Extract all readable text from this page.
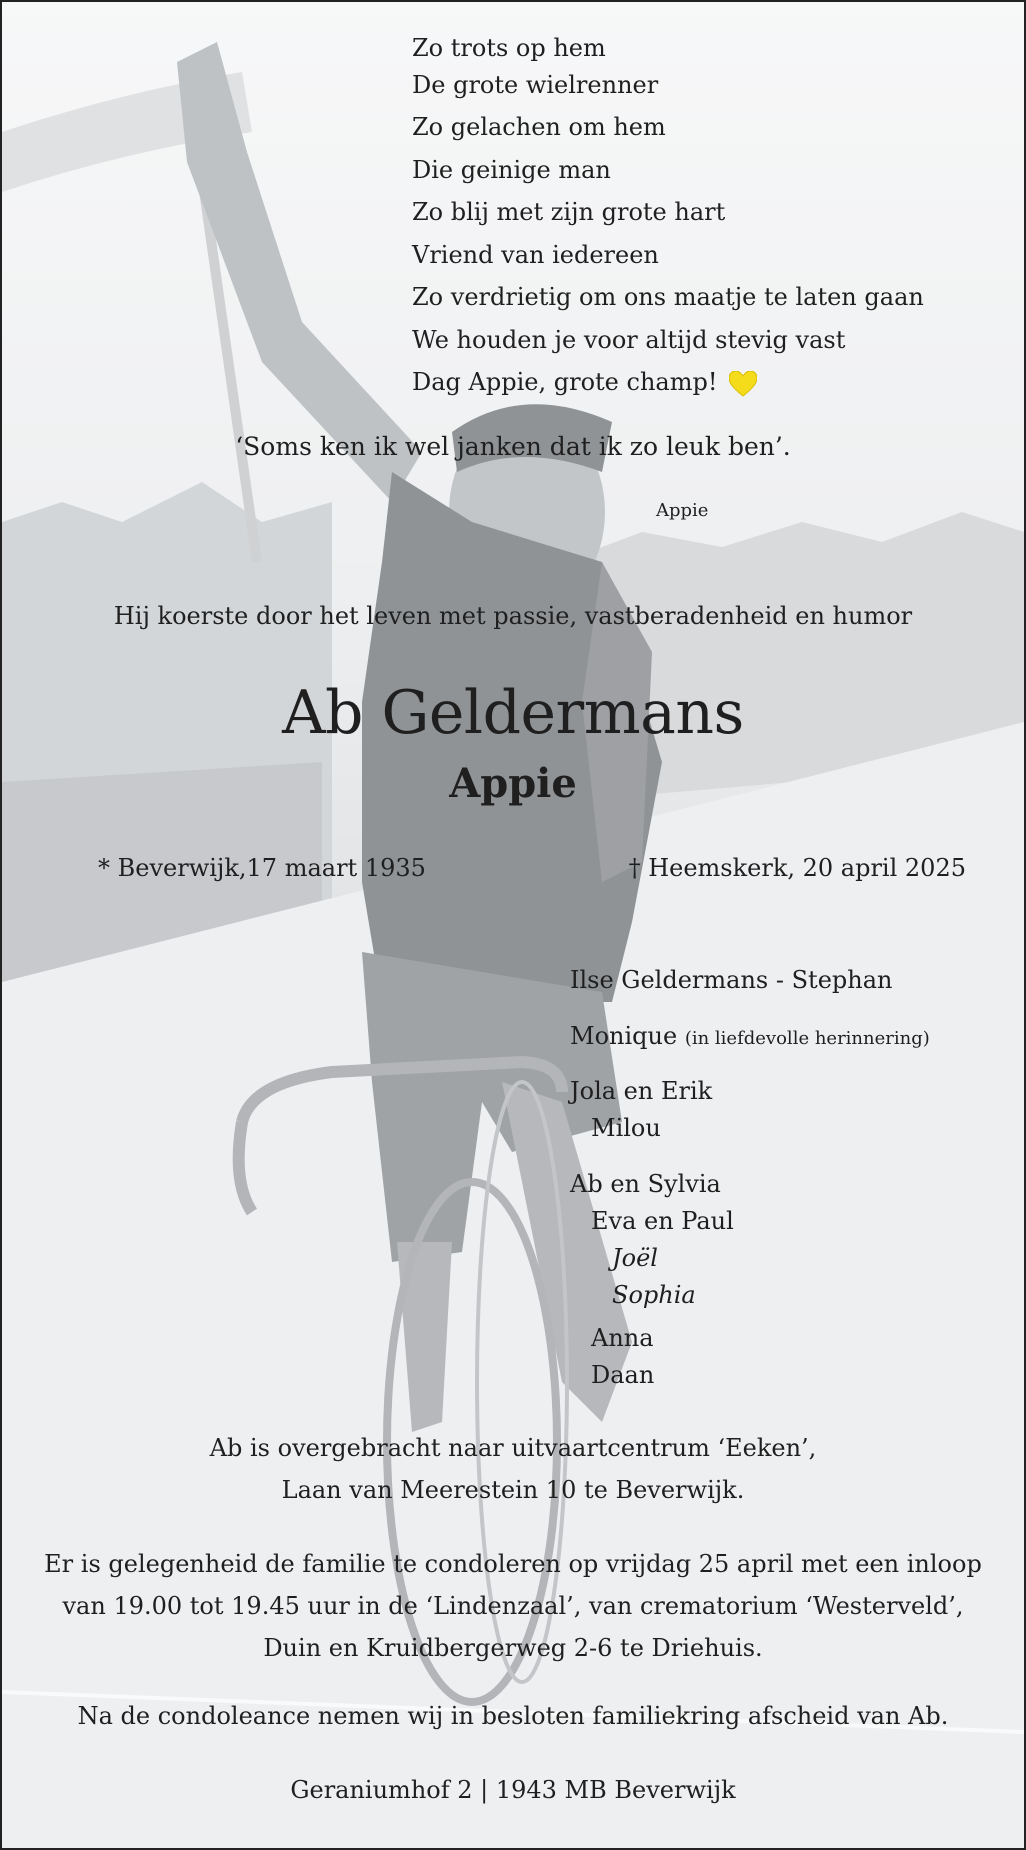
Zo trots op hem
De grote wielrenner
Zo gelachen om hem
Die geinige man
Zo blij met zijn grote hart
Vriend van iedereen
Zo verdrietig om ons maatje te laten gaan
We houden je voor altijd stevig vast
Dag Appie, grote champ!
‘Soms ken ik wel janken dat ik zo leuk ben’.
Appie
Hij koerste door het leven met passie, vastberadenheid en humor
Ab Geldermans
Appie
* Beverwijk,17 maart 1935	† Heemskerk, 20 april 2025
Ilse Geldermans - Stephan
Monique (in liefdevolle herinnering)
Jola en Erik
Milou
Ab en Sylvia
Eva en Paul
Joël
Sophia
Anna
Daan
Ab is overgebracht naar uitvaartcentrum ‘Eeken’,
Laan van Meerestein 10 te Beverwijk.
Er is gelegenheid de familie te condoleren op vrijdag 25 april met een inloop
van 19.00 tot 19.45 uur in de ‘Lindenzaal’, van crematorium ‘Westerveld’,
Duin en Kruidbergerweg 2-6 te Driehuis.
Na de condoleance nemen wij in besloten familiekring afscheid van Ab.
Geraniumhof 2 | 1943 MB Beverwijk
